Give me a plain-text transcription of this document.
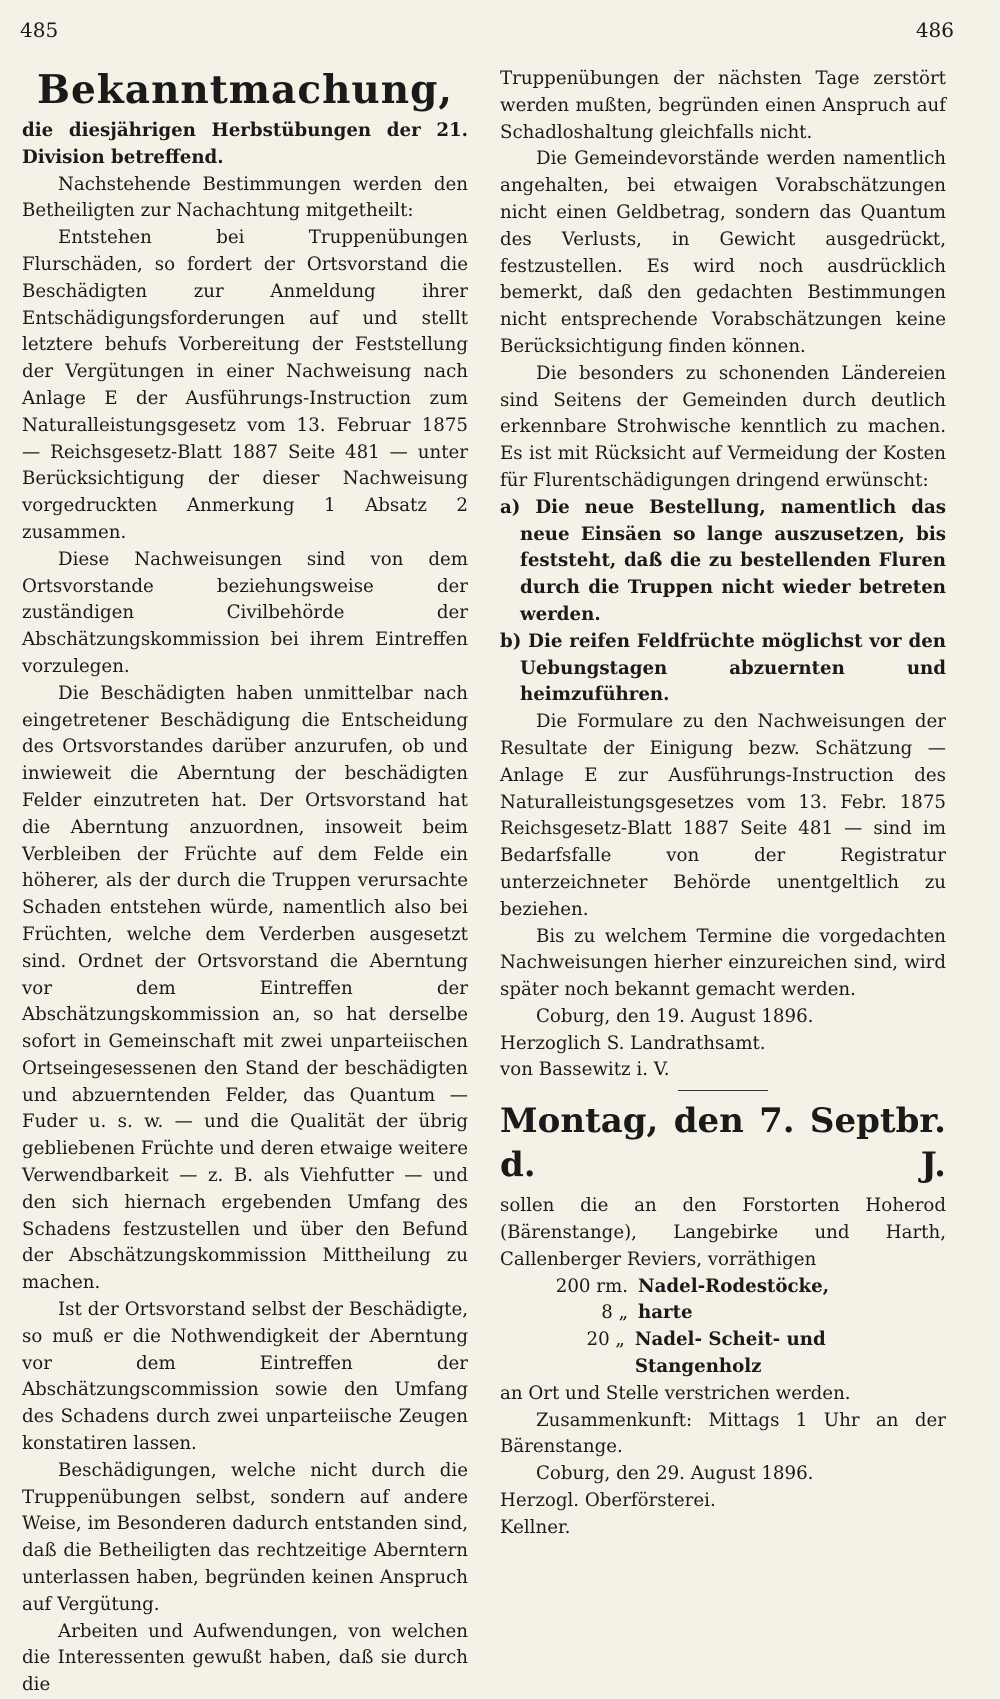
485	486
Bekanntmachung,

die diesjährigen Herbstübungen der 21. Division betreffend.

Nachstehende Bestimmungen werden den Betheiligten zur Nachachtung mitgetheilt:

Entstehen bei Truppenübungen Flurschäden, so fordert der Ortsvorstand die Beschädigten zur Anmeldung ihrer Entschädigungsforderungen auf und stellt letztere behufs Vorbereitung der Feststellung der Vergütungen in einer Nachweisung nach Anlage E der Ausführungs-Instruction zum Naturalleistungsgesetz vom 13. Februar 1875 — Reichsgesetz-Blatt 1887 Seite 481 — unter Berücksichtigung der dieser Nachweisung vorgedruckten Anmerkung 1 Absatz 2 zusammen.

Diese Nachweisungen sind von dem Ortsvorstande beziehungsweise der zuständigen Civilbehörde der Abschätzungskommission bei ihrem Eintreffen vorzulegen.

Die Beschädigten haben unmittelbar nach eingetretener Beschädigung die Entscheidung des Ortsvorstandes darüber anzurufen, ob und inwieweit die Aberntung der beschädigten Felder einzutreten hat. Der Ortsvorstand hat die Aberntung anzuordnen, insoweit beim Verbleiben der Früchte auf dem Felde ein höherer, als der durch die Truppen verursachte Schaden entstehen würde, namentlich also bei Früchten, welche dem Verderben ausgesetzt sind. Ordnet der Ortsvorstand die Aberntung vor dem Eintreffen der Abschätzungskommission an, so hat derselbe sofort in Gemeinschaft mit zwei unparteiischen Ortseingesessenen den Stand der beschädigten und abzuerntenden Felder, das Quantum — Fuder u. s. w. — und die Qualität der übrig gebliebenen Früchte und deren etwaige weitere Verwendbarkeit — z. B. als Viehfutter — und den sich hiernach ergebenden Umfang des Schadens festzustellen und über den Befund der Abschätzungskommission Mittheilung zu machen.

Ist der Ortsvorstand selbst der Beschädigte, so muß er die Nothwendigkeit der Aberntung vor dem Eintreffen der Abschätzungscommission sowie den Umfang des Schadens durch zwei unparteiische Zeugen konstatiren lassen.

Beschädigungen, welche nicht durch die Truppenübungen selbst, sondern auf andere Weise, im Besonderen dadurch entstanden sind, daß die Betheiligten das rechtzeitige Aberntern unterlassen haben, begründen keinen Anspruch auf Vergütung.

Arbeiten und Aufwendungen, von welchen die Interessenten gewußt haben, daß sie durch die

Truppenübungen der nächsten Tage zerstört werden mußten, begründen einen Anspruch auf Schadloshaltung gleichfalls nicht.

Die Gemeindevorstände werden namentlich angehalten, bei etwaigen Vorabschätzungen nicht einen Geldbetrag, sondern das Quantum des Verlusts, in Gewicht ausgedrückt, festzustellen. Es wird noch ausdrücklich bemerkt, daß den gedachten Bestimmungen nicht entsprechende Vorabschätzungen keine Berücksichtigung finden können.

Die besonders zu schonenden Ländereien sind Seitens der Gemeinden durch deutlich erkennbare Strohwische kenntlich zu machen. Es ist mit Rücksicht auf Vermeidung der Kosten für Flurentschädigungen dringend erwünscht:

a) Die neue Bestellung, namentlich das neue Einsäen so lange auszusetzen, bis feststeht, daß die zu bestellenden Fluren durch die Truppen nicht wieder betreten werden.

b) Die reifen Feldfrüchte möglichst vor den Uebungstagen abzuernten und heimzuführen.

Die Formulare zu den Nachweisungen der Resultate der Einigung bezw. Schätzung — Anlage E zur Ausführungs-Instruction des Naturalleistungsgesetzes vom 13. Febr. 1875 Reichsgesetz-Blatt 1887 Seite 481 — sind im Bedarfsfalle von der Registratur unterzeichneter Behörde unentgeltlich zu beziehen.

Bis zu welchem Termine die vorgedachten Nachweisungen hierher einzureichen sind, wird später noch bekannt gemacht werden.

Coburg, den 19. August 1896.

Herzoglich S. Landrathsamt.

von Bassewitz i. V.

Montag, den 7. Septbr. d. J.

sollen die an den Forstorten Hoherod (Bärenstange), Langebirke und Harth, Callenberger Reviers, vorräthigen

200 rm. Nadel-Rodestöcke,
8 „ harte
20 „ Nadel- Scheit- und Stangenholz

an Ort und Stelle verstrichen werden.

Zusammenkunft: Mittags 1 Uhr an der Bärenstange.

Coburg, den 29. August 1896.

Herzogl. Oberförsterei.

Kellner.
